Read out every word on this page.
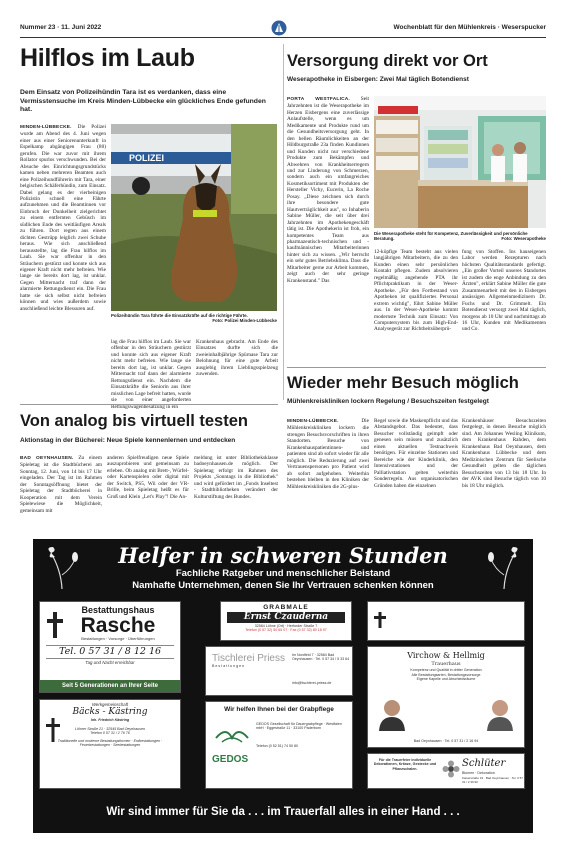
Nummer 23 · 11. Juni 2022	Wochenblatt für den Mühlenkreis · Weserspucker
Hilflos im Laub
Dem Einsatz von Polizeihündin Tara ist es verdanken, dass eine Vermisstensuche im Kreis Minden-Lübbecke ein glückliches Ende gefunden hat.
MINDEN-LÜBBECKE. Die Polizei wurde am Abend des 4. Juni wegen einer aus einer Seniorenunterkunft in Espelkamp abgängigen Frau (80) gerufen. Die war zuvor mit ihrem Rollator spurlos verschwunden. Bei der Absuche des Einrichtungsgrundstücks kamen neben mehreren Beamten auch eine Polizeihundführerin mit Tara, einer belgischen Schäferhündin, zum Einsatz. Dabei gelang es der vierbeinigen Polizistin schnell eine Fährte aufzunehmen und die Beamtinnen vor Einbruch der Dunkelheit zielgerichtet zu einem entfernten Gebüsch im südlichen Ende des weitläufigen Areals zu führen. Dort regten aus einem dichten Gestrüpp leiglich zwei Schuhe heraus. Wie sich anschließend herausstellte, lag die Frau hilflos im Laub. Sie war offenbar in den Sträuchern gestürzt und konnte sich aus eigener Kraft nicht mehr befreien. Wie lange sie bereits dort lag, ist unklar. Gegen Mitternacht traf dann der alarmierte Rettungsdienst ein. Die Frau hatte sie sich selbst nicht befreien können und wies außerdem sowie anschließend leichte Blessuren auf.
POLIZEI
Polizeihündin Tara führte die Einsatzkräfte auf die richtige Fährte.
Foto: Polizei Minden-Lübbecke
lag die Frau hilflos im Laub. Sie war offenbar in den Sträuchern gestürzt und konnte sich aus eigener Kraft nicht mehr befreien. Wie lange sie bereits dort lag, ist unklar. Gegen Mitternacht traf dann der alarmierte Rettungsdienst ein. Nachdem die Einsatzkräfte die Seniorin aus ihrer misslichen Lage befreit hatten, wurde sie von einer angeforderten Rettungswagenbesatzung in ein
Krankenhaus gebracht. Am Ende des Einsatzes durfte sich die zweieinhalbjährige Spürnase Tara zur Belohnung für eine gute Arbeit ausgiebig ihrem Lieblingsspielzeug zuwenden.
Versorgung direkt vor Ort
Weserapotheke in Eisbergen: Zwei Mal täglich Botendienst
PORTA WESTFALICA. Seit Jahrzehnten ist die Weserapotheke im Herzen Eisbergens eine zuverlässige Anlaufstelle, wenn es um Medikamente und Produkte rund um die Gesundheitsversorgung geht. In den hellen Räumlichkeiten an der Hildburgstraße 23a finden Kundinnen und Kunden nicht nur verschiedene Produkte zum Bekämpfen und Abwehren von Krankheitserregern und zur Linderung von Schmerzen, sondern auch ein umfangreiches Kosmetiksortiment mit Produkten der Hersteller Vichy, Eucerin, La Roche Posay. „Diese zeichnen sich durch ihre besondere gute Hautverträglichkeit aus", so Inhaberin Sabine Müller, die seit über drei Jahrzehnten im Apothekengeschäft tätig ist. Die Apothekerin ist froh, ein kompetentes Team aus pharmazeutisch-technischen und -kaufmännischen Mitarbeiterinnen hinter sich zu wissen. „Wir herrscht ein sehr gutes Betriebsklima. Dass die Mitarbeiter gerne zur Arbeit kommen, zeigt auch der sehr geringe Krankenstand." Das
Die Weserapotheke steht für Kompetenz, Zuverlässigkeit und persönliche Beratung.	Foto: Weserapotheke
12-köpfige Team besteht aus vielen langjährigen Mitarbeitern, die zu den Kunden einen sehr persönlichen Kontakt pflegen. Zudem absolvieren regelmäßig angehende PTA ihr Pflichtpraktikum in der Weser-Apotheke. „Für den Fortbestand von Apotheken ist qualifiziertes Personal extrem wichtig", führt Sabine Müller aus. In der Weser-Apotheke kommt modernste Technik zum Einsatz: Von Computersystem bis zum High-End-Analysegerät zur Richtheitsüberprü-
fung von Stoffen. Ins hauseigenen Labor werden Rezepturen nach höchsten Qualitätsstandards gefertigt. „Ein großer Vorteil unseres Standortes ist zudem die enge Anbindung zu den Ärzten", erklärt Sabine Müller die gute Zusammenarbeit mit den in Eisbergen ansässigen Allgemeinmedizinern Dr. Fuchs und Dr. Grimmelt. Ein Botendienst versorgt zwei Mal täglich, morgens ab 10 Uhr und nachmittags ab 16 Uhr, Kunden mit Medikamenten und Co.
Wieder mehr Besuch möglich
Mühlenkreiskliniken lockern Regelung / Besuchszeiten festgelegt
MINDEN-LÜBBECKE.	Die Mühlenkreiskliniken lockern die strengen Besuchsvorschriften in ihren Standorten. Besuche von Krankenhauspatientinnen- und patienten sind ab sofort wieder für alle möglich. Die Reduzierung auf zwei Vertrauenspersonen pro Patient wird ab sofort aufgehoben. Weiterhin bestehen bleiben in den Kliniken der Mühlenkreiskliniken die 2G-plus-
Regel sowie die Maskenpflicht und das Abstandsgebot. Das bedeutet, dass Besucher vollständig geimpft oder genesen sein müssen und zusätzlich einen aktuellen Testnachweis benötigen. Für einzelne Stationen und Bereiche wie der Kinderklinik, den Intensivstationen und der Palliativstation gelten weiterhin Sonderregeln. Aus organisatorischen Gründen haben die einzelnen
Krankenhäuser Besuchszeiten festgelegt, in denen Besuche möglich sind. Am Johannes Wesling Klinikum, dem Krankenhaus Rahden, dem Krankenhaus Bad Oeynhausen, dem Krankenhaus Lübbecke und dem Medizinischen Zentrum für Seelische Gesundheit gelten die täglichen Besuchszeiten von 13 bis 18 Uhr. In der AVK sind Besuche täglich von 10 bis 18 Uhr möglich.
Von analog bis virtuell testen
Aktionstag in der Bücherei: Neue Spiele kennenlernen und entdecken
BAD OEYNHAUSEN. Zu einem Spieletag ist die Stadtbücherei am Sonntag, 12. Juni, von 14 bis 17 Uhr eingeladen. Der Tag ist im Rahmen der Sonntagsöffnung bietet der Spieletag der Stadtbücherei in Kooperation mit dem Verein Spielewiese die Möglichkeit, gemeinsam mit
anderen Spielfreudigen neue Spiele auszuprobieren und gemeinsam zu erleben. Ob analog mit Brett-, Würfel- oder Kartenspielen oder digital mit der Switch, PS5, Wii oder der VR-Brille, beim Spieletag heißt es für Groß und Klein „Let's Play"! Die An-
meldung ist unter Bibliotheksklasse badoeynhausen.de möglich. Der Spieletag erfolgt im Rahmen des Projekts „Sonntags in die Bibliothek" und wird gefördert im „Fonds Inseltest - Stadtbibliotheken verändert der Kulturstiftung des Bundes.
Helfer in schweren Stunden
Fachliche Ratgeber und menschlicher Beistand
Namhafte Unternehmen, denen Sie Ihr Vertrauen schenken können
Bestattungshaus
Rasche
Bestattungen · Vorsorge · Überführungen
Tel. 0 57 31 / 8 12 16
Tag und Nacht erreichbar
Seit 5 Generationen an Ihrer Seite
GRABMALE
Ernst Czauderna
32584 Löhne (Ort) · Herforder Straße 7
Telefon (0 57 32) 50 65 07 · Fax (0 57 32) 80 18 97
Tischlerei Priess
Bestattungen
Im Nordfeld 7 · 32584 Bad Oeynhausen · Tel. 0 57 34 / 5 33 64
info@tischlerei-priess.de
Virchow & Hellmig
Trauerhaus
Kompetenz und Qualität in dritter Generation
Alle Bestattungsarten, Bestattungsvorsorge
Eigene Kapelle und Abschiedsräume
Bad Oeynhausen · Tel. 0 57 31 / 2 16 94
Werkgemeinschaft
Bäcks - Kästring
Inh. Friedrich Kästring
Löhner Straße 21 · 32545 Bad Oeynhausen
Telefon 0 57 31 / 2 76 76
Traditionelle und moderne Bestattungsformen · Erdbestattungen · Feuerbestattungen · Seebestattungen
Wir helfen Ihnen bei der Grabpflege
GEDOS
GEDOS Gesellschaft für Dauergrabpflege · Westfalen mbH · Eggestraße 11 · 33100 Paderborn
Telefon (0 52 51) 74 50 80
Für die Trauerfeier individuelle Dekorationen, Kränze, Gestecke und Pflanzschalen.	Schlüter
Blumen · Dekoration
Kaiserstraße 19 · Bad Oeynhausen · Tel. 0 57 31 / 2 39 90
Wir sind immer für Sie da . . . im Trauerfall alles in einer Hand . . .
